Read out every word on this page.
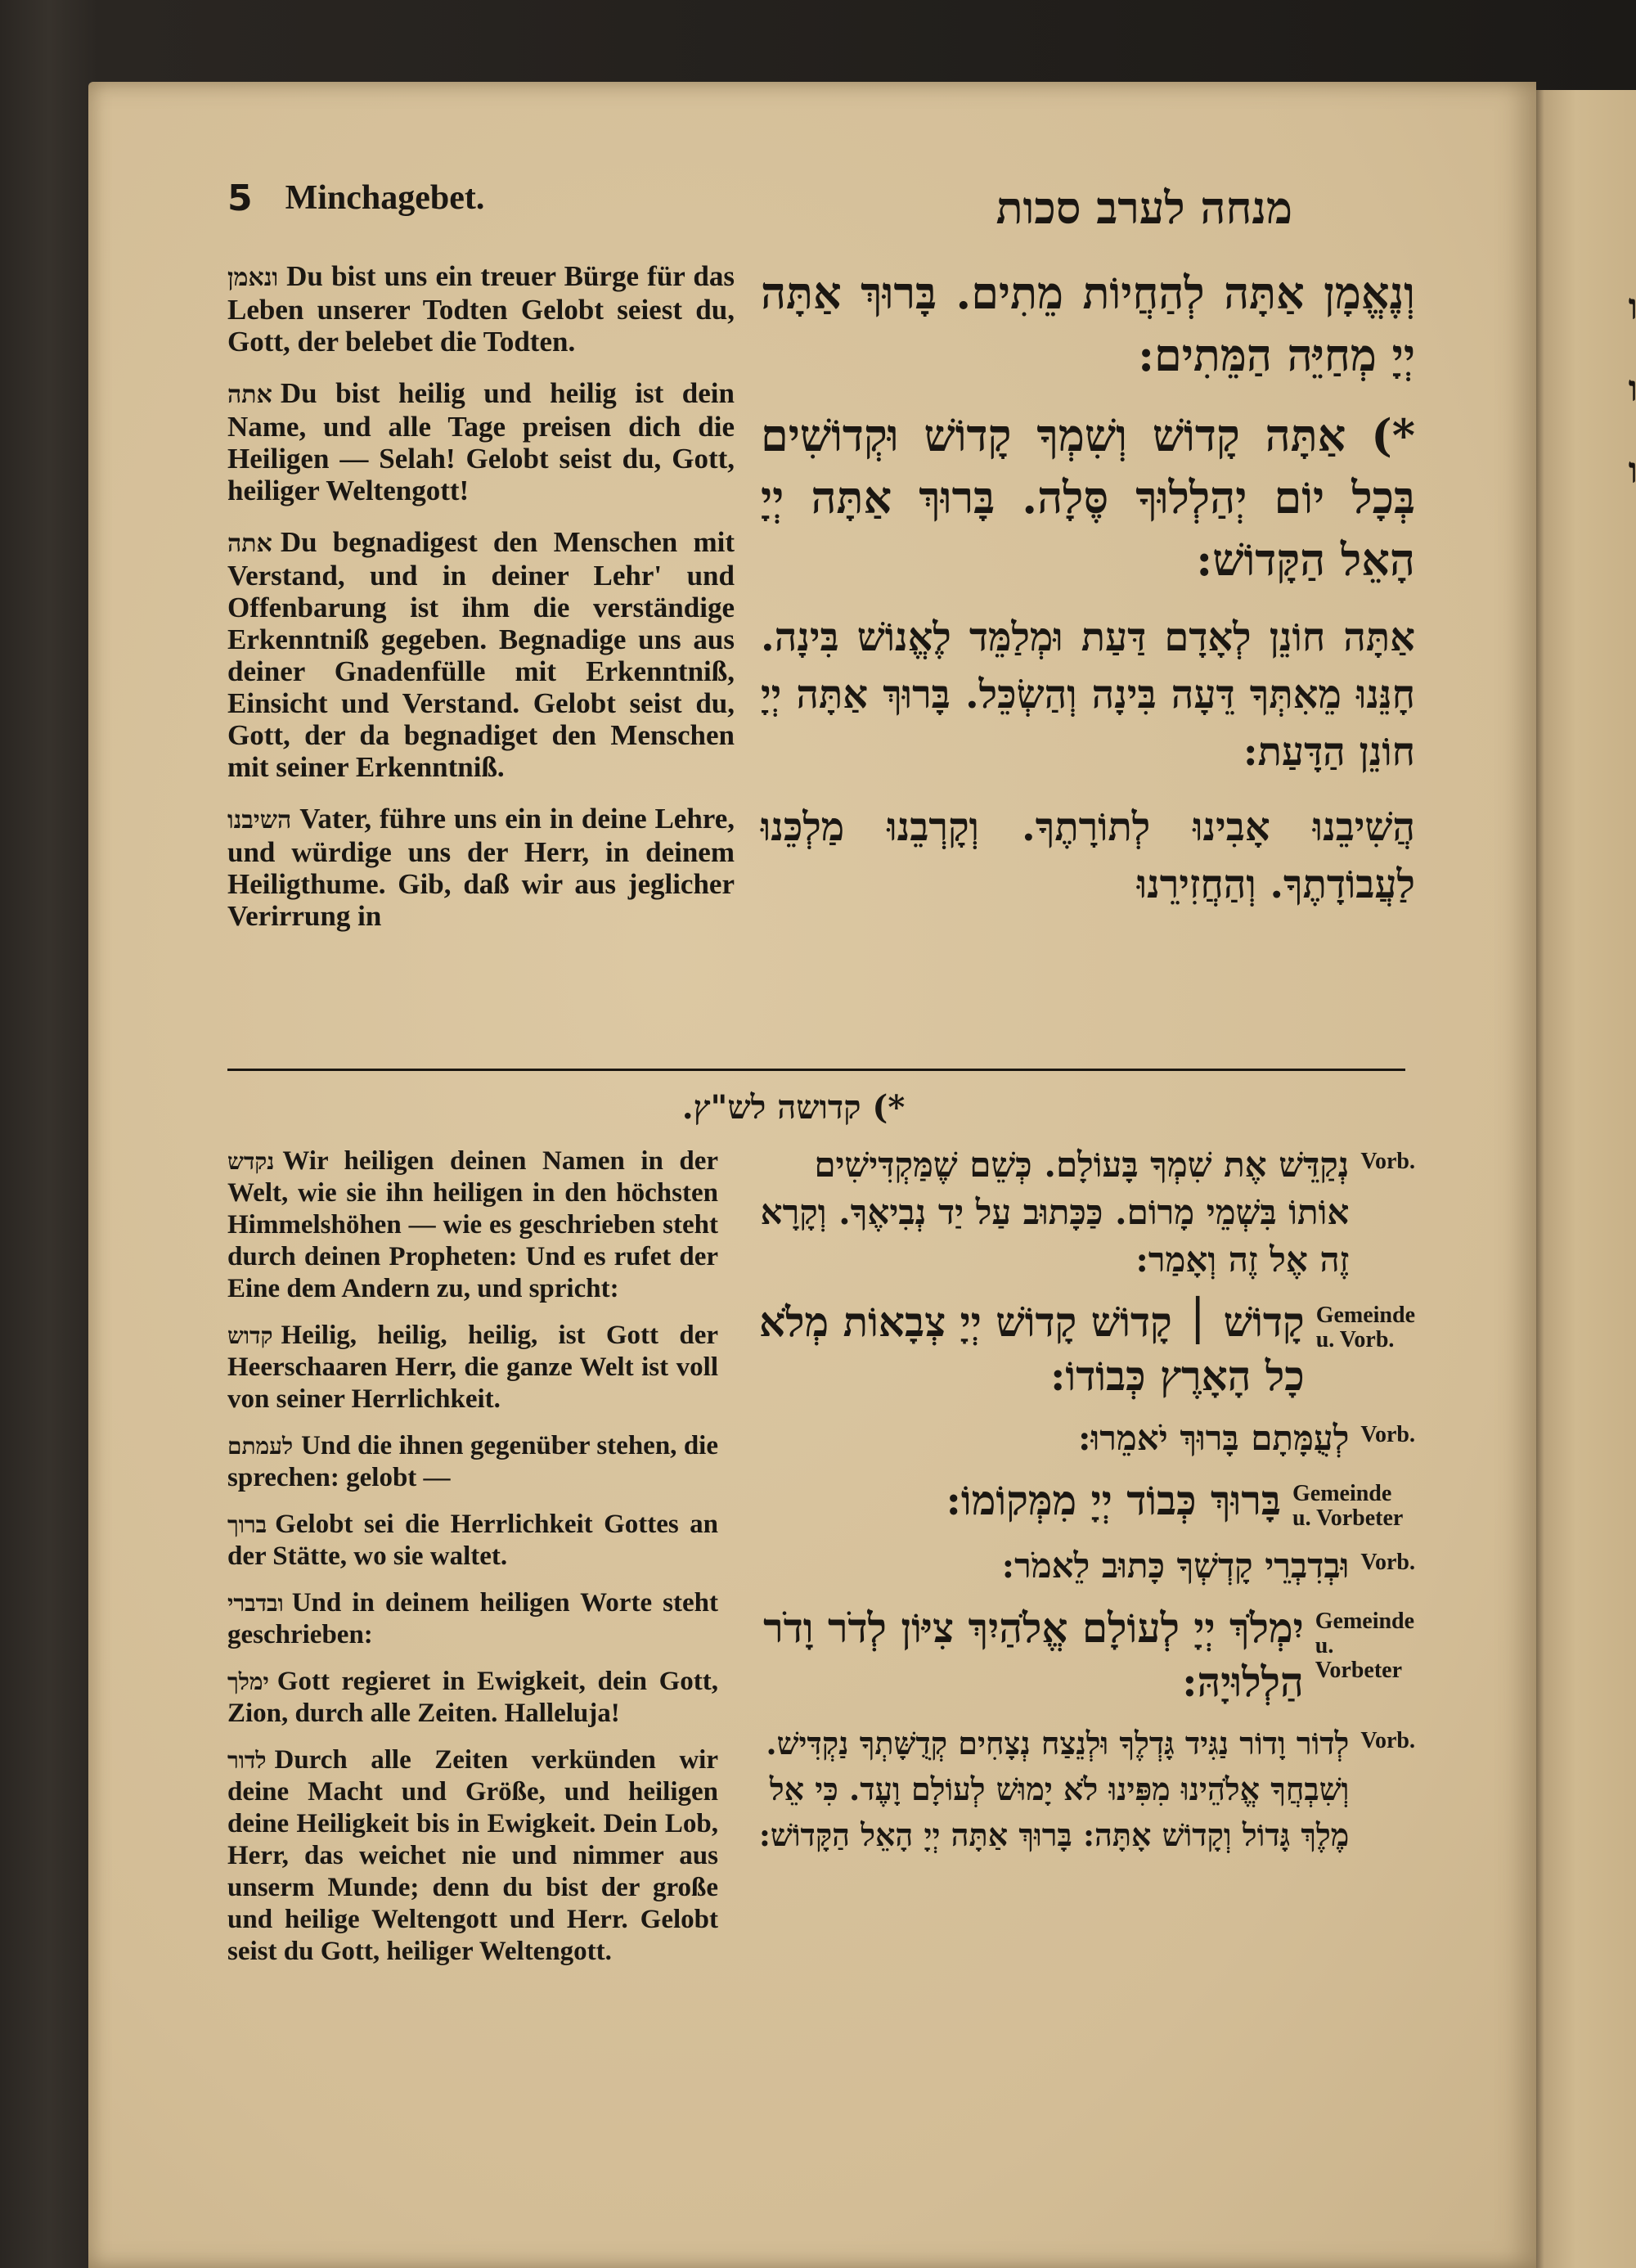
ו
ו
ו
5 Minchagebet.	מנחה לערב סכות

ונאמן Du bist uns ein treuer Bürge für das Leben unserer Todten Gelobt seiest du, Gott, der belebet die Todten.

אתה Du bist heilig und heilig ist dein Name, und alle Tage preisen dich die Heiligen — Selah! Gelobt seist du, Gott, heiliger Weltengott!

אתה Du begnadigest den Menschen mit Verstand, und in deiner Lehr' und Offenbarung ist ihm die verständige Erkenntniß gegeben. Begnadige uns aus deiner Gnadenfülle mit Erkenntniß, Einsicht und Verstand. Gelobt seist du, Gott, der da begnadiget den Menschen mit seiner Erkenntniß.

השיבנו Vater, führe uns ein in deine Lehre, und würdige uns der Herr, in deinem Heiligthume. Gib, daß wir aus jeglicher Verirrung in

וְנֶאֱמָן אַתָּה לְהַחֲיוֹת מֵתִים. בָּרוּךְ אַתָּה יְיָ מְחַיֵּה הַמֵּתִים:

*) אַתָּה קָדוֹשׁ וְשִׁמְךָ קָדוֹשׁ וּקְדוֹשִׁים בְּכָל יוֹם יְהַלְלוּךָ סֶּלָה. בָּרוּךְ אַתָּה יְיָ הָאֵל הַקָּדוֹשׁ:

אַתָּה חוֹנֵן לְאָדָם דַּעַת וּמְלַמֵּד לֶאֱנוֹשׁ בִּינָה. חָנֵּנוּ מֵאִתְּךָ דֵּעָה בִּינָה וְהַשְׂכֵּל. בָּרוּךְ אַתָּה יְיָ חוֹנֵן הַדָּעַת:

הֲשִׁיבֵנוּ אָבִינוּ לְתוֹרָתֶךָ. וְקָרְבֵנוּ מַלְכֵּנוּ לַעֲבוֹדָתֶךָ. וְהַחֲזִירֵנוּ

*) קדושה לש"ץ.

נקדש Wir heiligen deinen Namen in der Welt, wie sie ihn heiligen in den höchsten Himmelshöhen — wie es geschrieben steht durch deinen Propheten: Und es rufet der Eine dem Andern zu, und spricht:

קדוש Heilig, heilig, heilig, ist Gott der Heerschaaren Herr, die ganze Welt ist voll von seiner Herrlichkeit.

לעמתם Und die ihnen gegenüber stehen, die sprechen: gelobt —

ברוך Gelobt sei die Herrlichkeit Gottes an der Stätte, wo sie waltet.

ובדברי Und in deinem heiligen Worte steht geschrieben:

ימלך Gott regieret in Ewigkeit, dein Gott, Zion, durch alle Zeiten. Halleluja!

לדור Durch alle Zeiten verkünden wir deine Macht und Größe, und heiligen deine Heiligkeit bis in Ewigkeit. Dein Lob, Herr, das weichet nie und nimmer aus unserm Munde; denn du bist der große und heilige Weltengott und Herr. Gelobt seist du Gott, heiliger Weltengott.

Vorb.
נְקַדֵּשׁ אֶת שִׁמְךָ בָּעוֹלָם. כְּשֵׁם שֶׁמַּקְדִּישִׁים אוֹתוֹ בִּשְׁמֵי מָרוֹם. כַּכָּתוּב עַל יַד נְבִיאֶךָ. וְקָרָא זֶה אֶל זֶה וְאָמַר:
Gemeinde u. Vorb.
קָדוֹשׁ ׀ קָדוֹשׁ קָדוֹשׁ יְיָ צְבָאוֹת מְלֹא כָל הָאָרֶץ כְּבוֹדוֹ:
Vorb.
לְעֻמָּתָם בָּרוּךְ יֹאמֵרוּ:
Gemeinde u. Vorbeter
בָּרוּךְ כְּבוֹד יְיָ מִמְּקוֹמוֹ:
Vorb.
וּבְדִבְרֵי קָדְשְׁךָ כָּתוּב לֵאמֹר:
Gemeinde u. Vorbeter
יִמְלֹךְ יְיָ לְעוֹלָם אֱלֹהַיִךְ צִיּוֹן לְדֹר וָדֹר הַלְלוּיָהּ:
Vorb.
לְדוֹר וָדוֹר נַגִּיד גָּדְלֶךָ וּלְנֵצַח נְצָחִים קְדֻשָּׁתְךָ נַקְדִּישׁ. וְשִׁבְחֲךָ אֱלֹהֵינוּ מִפִּינוּ לֹא יָמוּשׁ לְעוֹלָם וָעֶד. כִּי אֵל מֶלֶךְ גָּדוֹל וְקָדוֹשׁ אָתָּה: בָּרוּךְ אַתָּה יְיָ הָאֵל הַקָּדוֹשׁ:
